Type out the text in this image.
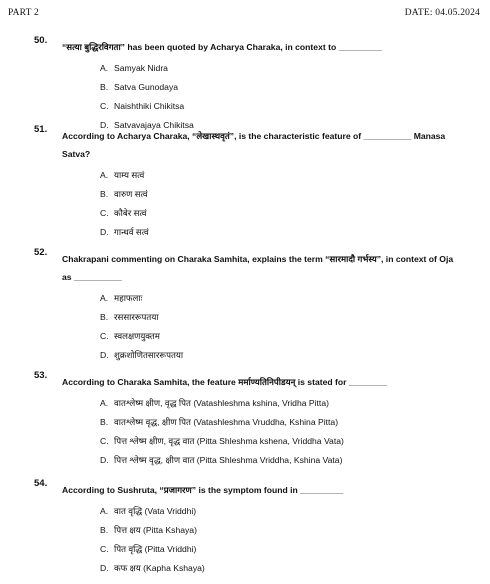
PART 2	DATE: 04.05.2024
50.
“सत्या बुद्धिरविगता” has been quoted by Acharya Charaka, in context to _________
A. Samyak Nidra
B. Satva Gunodaya
C. Naishthiki Chikitsa
D. Satvavajaya Chikitsa
51.
According to Acharya Charaka, “लेखास्थवृतं”, is the characteristic feature of __________ Manasa Satva?
A. याम्य सत्वं
B. वारुण सत्वं
C. कौबेर सत्वं
D. गान्धर्व सत्वं
52.
Chakrapani commenting on Charaka Samhita, explains the term “सारमादौ गर्भस्य”, in context of Oja as __________
A. महाफलाः
B. रससाररूपतया
C. स्वलक्षणयुक्तम
D. शुक्रशोणितसाररूपतया
53.
According to Charaka Samhita, the feature मर्माण्यतिनिपीडयन् is stated for ________
A. वातश्लेष्म क्षीण, वृद्ध पित (Vatashleshma kshina, Vridha Pitta)
B. वातश्लेष्म वृद्ध, क्षीण पित (Vatashleshma Vruddha, Kshina Pitta)
C. पित्त श्लेष्म क्षीण, वृद्ध वात (Pitta Shleshma kshena, Vriddha Vata)
D. पित्त श्लेष्म वृद्ध, क्षीण वात (Pitta Shleshma Vriddha, Kshina Vata)
54.
According to Sushruta, “प्रजागरण” is the symptom found in _________
A. वात वृद्धि (Vata Vriddhi)
B. पित्त क्षय (Pitta Kshaya)
C. पित वृद्धि (Pitta Vriddhi)
D. कफ क्षय (Kapha Kshaya)
